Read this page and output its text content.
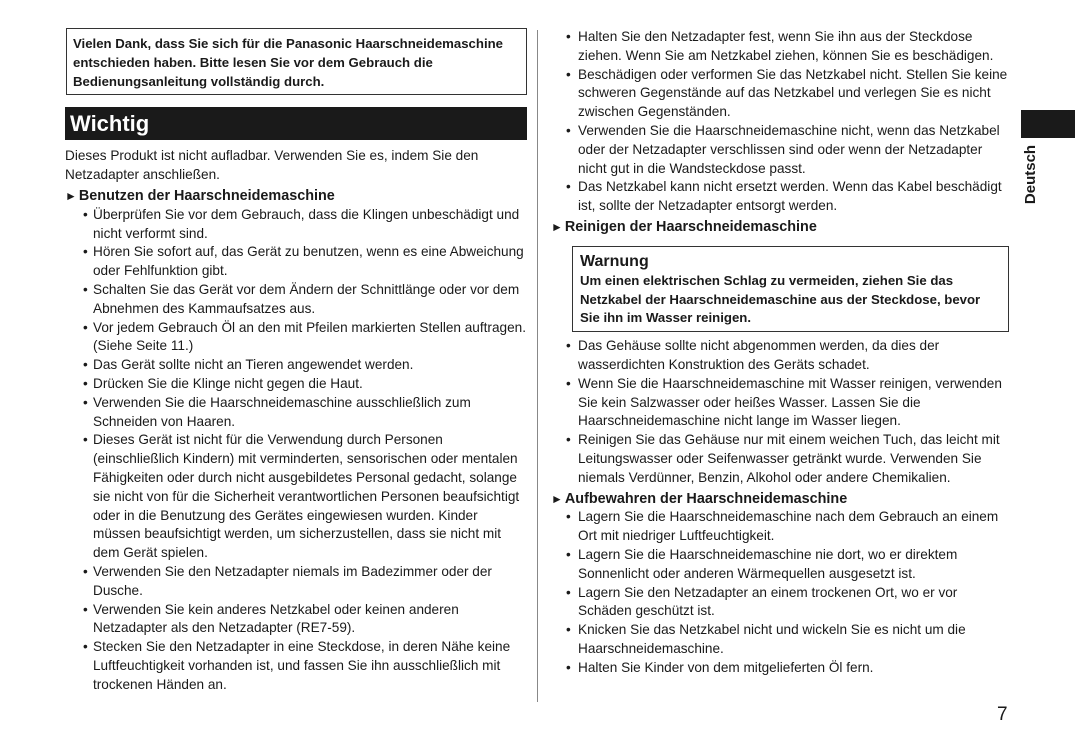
Vielen Dank, dass Sie sich für die Panasonic Haarschneidemaschine entschieden haben. Bitte lesen Sie vor dem Gebrauch die Bedienungsanleitung vollständig durch.
Wichtig
Dieses Produkt ist nicht aufladbar. Verwenden Sie es, indem Sie den Netzadapter anschließen.
► Benutzen der Haarschneidemaschine
• Überprüfen Sie vor dem Gebrauch, dass die Klingen unbeschädigt und nicht verformt sind.
• Hören Sie sofort auf, das Gerät zu benutzen, wenn es eine Abweichung oder Fehlfunktion gibt.
• Schalten Sie das Gerät vor dem Ändern der Schnittlänge oder vor dem Abnehmen des Kammaufsatzes aus.
• Vor jedem Gebrauch Öl an den mit Pfeilen markierten Stellen auftragen. (Siehe Seite 11.)
• Das Gerät sollte nicht an Tieren angewendet werden.
• Drücken Sie die Klinge nicht gegen die Haut.
• Verwenden Sie die Haarschneidemaschine ausschließlich zum Schneiden von Haaren.
• Dieses Gerät ist nicht für die Verwendung durch Personen (einschließlich Kindern) mit verminderten, sensorischen oder mentalen Fähigkeiten oder durch nicht ausgebildetes Personal gedacht, solange sie nicht von für die Sicherheit verantwortlichen Personen beaufsichtigt oder in die Benutzung des Gerätes eingewiesen wurden. Kinder müssen beaufsichtigt werden, um sicherzustellen, dass sie nicht mit dem Gerät spielen.
• Verwenden Sie den Netzadapter niemals im Badezimmer oder der Dusche.
• Verwenden Sie kein anderes Netzkabel oder keinen anderen Netzadapter als den Netzadapter (RE7-59).
• Stecken Sie den Netzadapter in eine Steckdose, in deren Nähe keine Luftfeuchtigkeit vorhanden ist, und fassen Sie ihn ausschließlich mit trockenen Händen an.
• Halten Sie den Netzadapter fest, wenn Sie ihn aus der Steckdose ziehen. Wenn Sie am Netzkabel ziehen, können Sie es beschädigen.
• Beschädigen oder verformen Sie das Netzkabel nicht. Stellen Sie keine schweren Gegenstände auf das Netzkabel und verlegen Sie es nicht zwischen Gegenständen.
• Verwenden Sie die Haarschneidemaschine nicht, wenn das Netzkabel oder der Netzadapter verschlissen sind oder wenn der Netzadapter nicht gut in die Wandsteckdose passt.
• Das Netzkabel kann nicht ersetzt werden. Wenn das Kabel beschädigt ist, sollte der Netzadapter entsorgt werden.
► Reinigen der Haarschneidemaschine
Warnung
Um einen elektrischen Schlag zu vermeiden, ziehen Sie das Netzkabel der Haarschneidemaschine aus der Steckdose, bevor Sie ihn im Wasser reinigen.
• Das Gehäuse sollte nicht abgenommen werden, da dies der wasserdichten Konstruktion des Geräts schadet.
• Wenn Sie die Haarschneidemaschine mit Wasser reinigen, verwenden Sie kein Salzwasser oder heißes Wasser. Lassen Sie die Haarschneidemaschine nicht lange im Wasser liegen.
• Reinigen Sie das Gehäuse nur mit einem weichen Tuch, das leicht mit Leitungswasser oder Seifenwasser getränkt wurde. Verwenden Sie niemals Verdünner, Benzin, Alkohol oder andere Chemikalien.
► Aufbewahren der Haarschneidemaschine
• Lagern Sie die Haarschneidemaschine nach dem Gebrauch an einem Ort mit niedriger Luftfeuchtigkeit.
• Lagern Sie die Haarschneidemaschine nie dort, wo er direktem Sonnenlicht oder anderen Wärmequellen ausgesetzt ist.
• Lagern Sie den Netzadapter an einem trockenen Ort, wo er vor Schäden geschützt ist.
• Knicken Sie das Netzkabel nicht und wickeln Sie es nicht um die Haarschneidemaschine.
• Halten Sie Kinder von dem mitgelieferten Öl fern.
Deutsch
7
